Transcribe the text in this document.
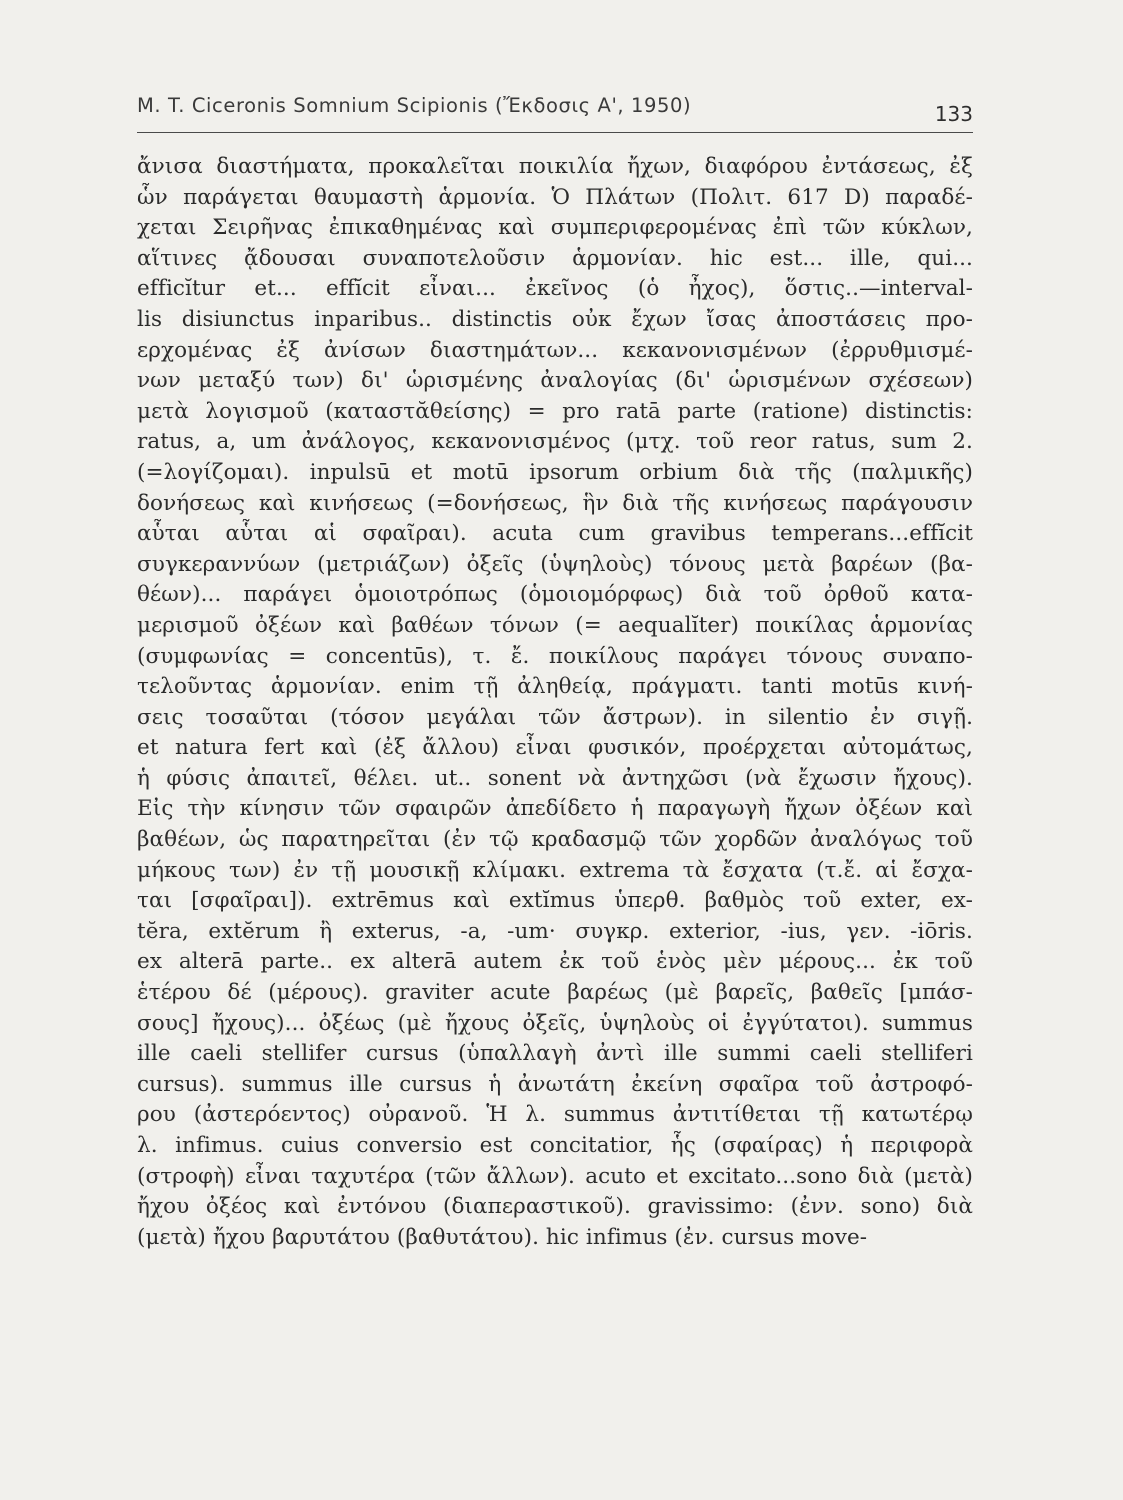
M. T. Ciceronis Somnium Scipionis (Ἔκδοσις Α', 1950)	133
ἄνισα διαστήματα, προκαλεῖται ποικιλία ἤχων, διαφόρου ἐντάσεως, ἐξ
ὧν παράγεται θαυμαστὴ ἁρμονία. Ὁ Πλάτων (Πολιτ. 617 D) παραδέ-
χεται Σειρῆνας ἐπικαθημένας καὶ συμπεριφερομένας ἐπὶ τῶν κύκλων,
αἵτινες ᾄδουσαι συναποτελοῦσιν ἁρμονίαν. hic est... ille, qui...
efficĭtur et... effĭcit εἶναι... ἐκεῖνος (ὁ ἦχος), ὅστις..—interval-
lis disiunctus inparibus.. distinctis οὐκ ἔχων ἴσας ἀποστάσεις προ-
ερχομένας ἐξ ἀνίσων διαστημάτων... κεκανονισμένων (ἐρρυθμισμέ-
νων μεταξύ των) δι' ὡρισμένης ἀναλογίας (δι' ὡρισμένων σχέσεων)
μετὰ λογισμοῦ (καταστᾰθείσης) = pro ratā parte (ratione) distinctis:
ratus, a, um ἀνάλογος, κεκανονισμένος (μτχ. τοῦ reor ratus, sum 2.
(=λογίζομαι). inpulsū et motū ipsorum orbium διὰ τῆς (παλμικῆς)
δονήσεως καὶ κινήσεως (=δονήσεως, ἣν διὰ τῆς κινήσεως παράγουσιν
αὗται αὗται αἱ σφαῖραι). acuta cum gravibus temperans...effĭcit
συγκεραννύων (μετριάζων) ὀξεῖς (ὑψηλοὺς) τόνους μετὰ βαρέων (βα-
θέων)... παράγει ὁμοιοτρόπως (ὁμοιομόρφως) διὰ τοῦ ὀρθοῦ κατα-
μερισμοῦ ὀξέων καὶ βαθέων τόνων (= aequalĭter) ποικίλας ἁρμονίας
(συμφωνίας = concentūs), τ. ἔ. ποικίλους παράγει τόνους συναπο-
τελοῦντας ἁρμονίαν. enim τῇ ἀληθείᾳ, πράγματι. tanti motūs κινή-
σεις τοσαῦται (τόσον μεγάλαι τῶν ἄστρων). in silentio ἐν σιγῇ.
et natura fert καὶ (ἐξ ἄλλου) εἶναι φυσικόν, προέρχεται αὐτομάτως,
ἡ φύσις ἀπαιτεῖ, θέλει. ut.. sonent νὰ ἀντηχῶσι (νὰ ἔχωσιν ἤχους).
Εἰς τὴν κίνησιν τῶν σφαιρῶν ἀπεδίδετο ἡ παραγωγὴ ἤχων ὀξέων καὶ
βαθέων, ὡς παρατηρεῖται (ἐν τῷ κραδασμῷ τῶν χορδῶν ἀναλόγως τοῦ
μήκους των) ἐν τῇ μουσικῇ κλίμακι. extrema τὰ ἔσχατα (τ.ἔ. αἱ ἔσχα-
ται [σφαῖραι]). extrēmus καὶ extĭmus ὑπερθ. βαθμὸς τοῦ exter, ex-
tĕra, extĕrum ἢ exterus, -a, -um· συγκρ. exterior, -ius, γεν. -iōris.
ex alterā parte.. ex alterā autem ἐκ τοῦ ἑνὸς μὲν μέρους... ἐκ τοῦ
ἑτέρου δέ (μέρους). graviter acute βαρέως (μὲ βαρεῖς, βαθεῖς [μπάσ-
σους] ἤχους)... ὀξέως (μὲ ἤχους ὀξεῖς, ὑψηλοὺς οἱ ἐγγύτατοι). summus
ille caeli stellifer cursus (ὑπαλλαγὴ ἀντὶ ille summi caeli stelliferi
cursus). summus ille cursus ἡ ἀνωτάτη ἐκείνη σφαῖρα τοῦ ἀστροφό-
ρου (ἀστερόεντος) οὐρανοῦ. Ἡ λ. summus ἀντιτίθεται τῇ κατωτέρῳ
λ. infimus. cuius conversio est concitatior, ἧς (σφαίρας) ἡ περιφορὰ
(στροφὴ) εἶναι ταχυτέρα (τῶν ἄλλων). acuto et excitato...sono διὰ (μετὰ)
ἤχου ὀξέος καὶ ἐντόνου (διαπεραστικοῦ). gravissimo: (ἐνν. sono) διὰ
(μετὰ) ἤχου βαρυτάτου (βαθυτάτου). hic infimus (ἐν. cursus move-
